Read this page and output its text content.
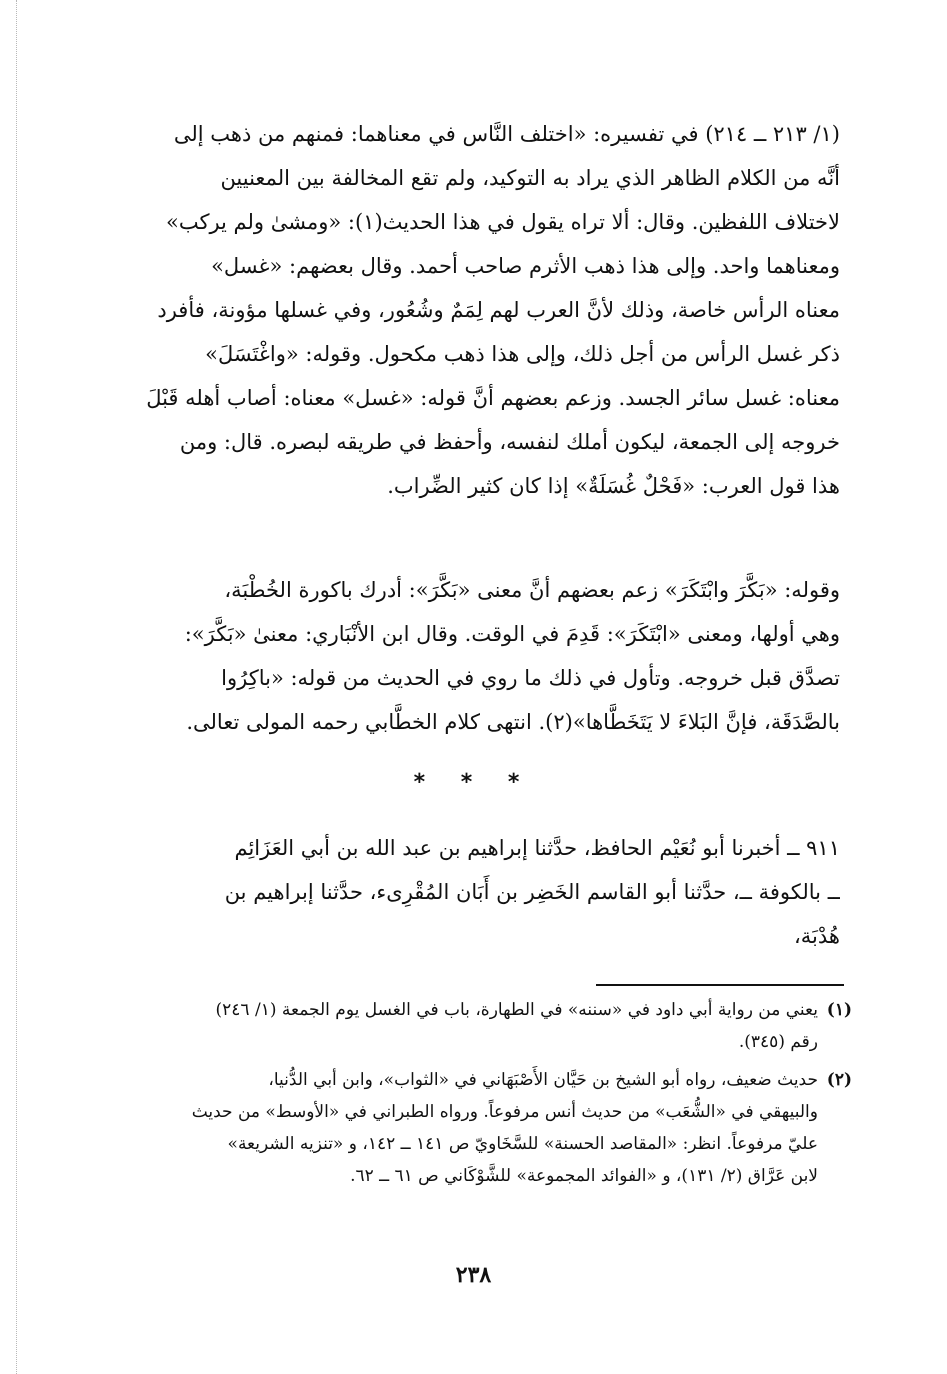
(١/ ٢١٣ ــ ٢١٤) في تفسيره: «اختلف النَّاس في معناهما: فمنهم من ذهب إلى
أنَّه من الكلام الظاهر الذي يراد به التوكيد، ولم تقع المخالفة بين المعنيين
لاختلاف اللفظين. وقال: ألا تراه يقول في هذا الحديث(١): «ومشىٰ ولم يركب»
ومعناهما واحد. وإلى هذا ذهب الأثرم صاحب أحمد. وقال بعضهم: «غسل»
معناه الرأس خاصة، وذلك لأنَّ العرب لهم لِمَمٌ وشُعُور، وفي غسلها مؤونة، فأفرد
ذكر غسل الرأس من أجل ذلك، وإلى هذا ذهب مكحول. وقوله: «واغْتَسَلَ»
معناه: غسل سائر الجسد. وزعم بعضهم أنَّ قوله: «غسل» معناه: أصاب أهله قَبْلَ
خروجه إلى الجمعة، ليكون أملك لنفسه، وأحفظ في طريقه لبصره. قال: ومن
هذا قول العرب: «فَحْلٌ غُسَلَةٌ» إذا كان كثير الضِّراب.
وقوله: «بَكَّرَ وابْتَكَرَ» زعم بعضهم أنَّ معنى «بَكَّرَ»: أدرك باكورة الخُطْبَة،
وهي أولها، ومعنى «ابْتَكَرَ»: قَدِمَ في الوقت. وقال ابن الأنْبَاري: معنىٰ «بَكَّرَ»:
تصدَّق قبل خروجه. وتأول في ذلك ما روي في الحديث من قوله: «باكِرُوا
بالصَّدَقَة، فإنَّ البَلاءَ لا يَتَخَطَّاها»(٢). انتهى كلام الخطَّابي رحمه المولى تعالى.
* * *
٩١١ ــ أخبرنا أبو نُعَيْم الحافظ، حدَّثنا إبراهيم بن عبد الله بن أبي العَزَائِم
ــ بالكوفة ــ، حدَّثنا أبو القاسم الخَضِر بن أَبَان المُقْرِىء، حدَّثنا إبراهيم بن
هُدْبَة،
(١)يعني من رواية أبي داود في «سننه» في الطهارة، باب في الغسل يوم الجمعة (١/ ٢٤٦)
رقم (٣٤٥).
(٢)حديث ضعيف، رواه أبو الشيخ بن حَيَّان الأَصْبَهَاني في «الثواب»، وابن أبي الدُّنيا،
والبيهقي في «الشُّعَب» من حديث أنس مرفوعاً. ورواه الطبراني في «الأوسط» من حديث
عليّ مرفوعاً. انظر: «المقاصد الحسنة» للسَّخَاويّ ص ١٤١ ــ ١٤٢، و «تنزيه الشريعة»
لابن عَرَّاق (٢/ ١٣١)، و «الفوائد المجموعة» للشَّوْكَاني ص ٦١ ــ ٦٢.
٢٣٨
